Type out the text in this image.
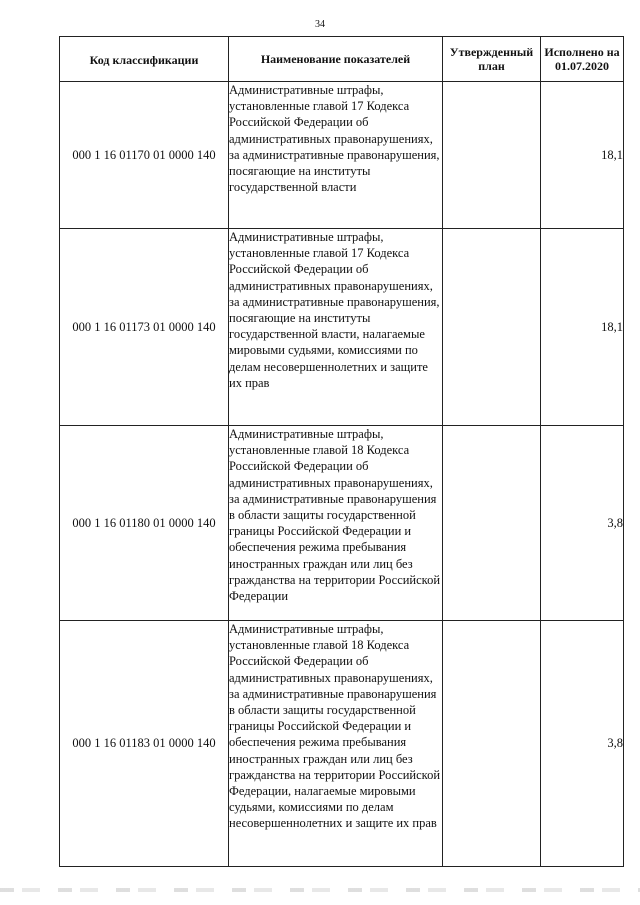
34
Код классификации	Наименование показателей	Утвержденный план	Исполнено на 01.07.2020
000 1 16 01170 01 0000 140	Административные штрафы, установленные главой 17 Кодекса Российской Федерации об административных правонарушениях, за административные правонарушения, посягающие на институты государственной власти		18,1
000 1 16 01173 01 0000 140	Административные штрафы, установленные главой 17 Кодекса Российской Федерации об административных правонарушениях, за административные правонарушения, посягающие на институты государственной власти, налагаемые мировыми судьями, комиссиями по делам несовершеннолетних и защите их прав		18,1
000 1 16 01180 01 0000 140	Административные штрафы, установленные главой 18 Кодекса Российской Федерации об административных правонарушениях, за административные правонарушения в области защиты государственной границы Российской Федерации и обеспечения режима пребывания иностранных граждан или лиц без гражданства на территории Российской Федерации		3,8
000 1 16 01183 01 0000 140	Административные штрафы, установленные главой 18 Кодекса Российской Федерации об административных правонарушениях, за административные правонарушения в области защиты государственной границы Российской Федерации и обеспечения режима пребывания иностранных граждан или лиц без гражданства на территории Российской Федерации, налагаемые мировыми судьями, комиссиями по делам несовершеннолетних и защите их прав		3,8
